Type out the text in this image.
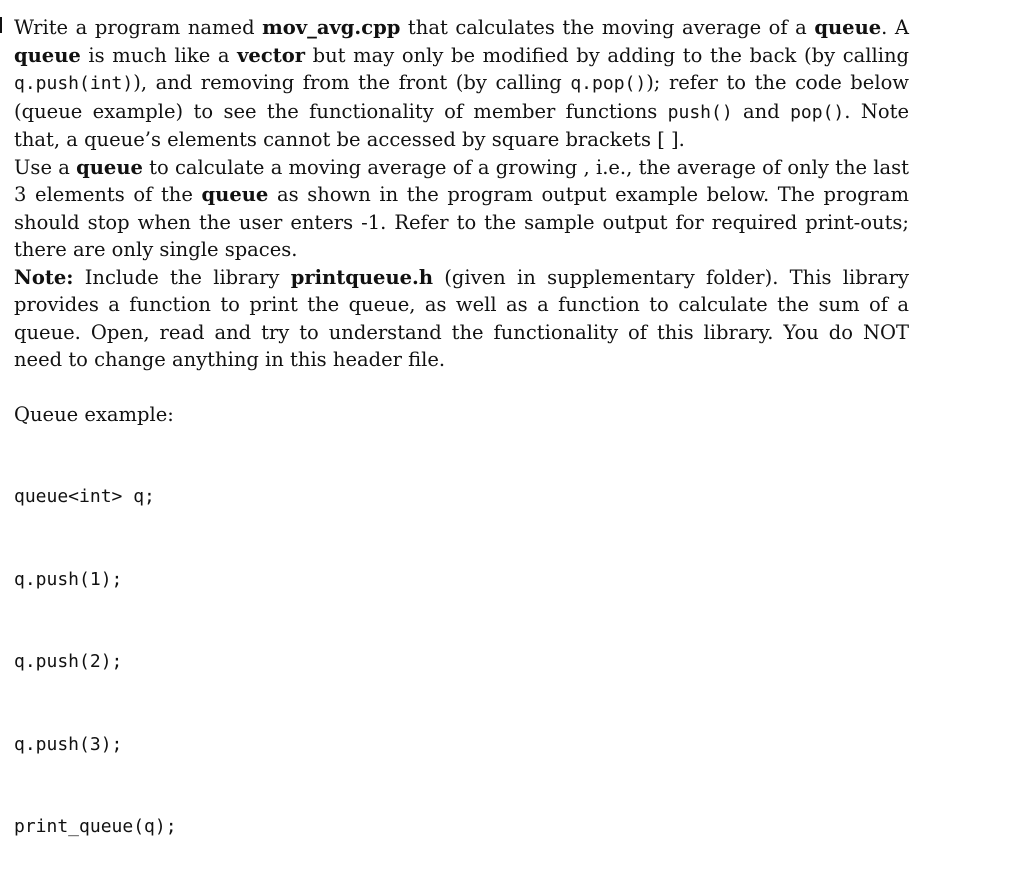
Write a program named mov_avg.cpp that calculates the moving average of a queue. A queue is much like a vector but may only be modified by adding to the back (by calling q.push(int)), and removing from the front (by calling q.pop()); refer to the code below (queue example) to see the functionality of member functions push() and pop(). Note that, a queue’s elements cannot be accessed by square brackets [ ].

Use a queue to calculate a moving average of a growing , i.e., the average of only the last 3 elements of the queue as shown in the program output example below. The program should stop when the user enters -1. Refer to the sample output for required print-outs; there are only single spaces.

Note: Include the library printqueue.h (given in supplementary folder). This library provides a function to print the queue, as well as a function to calculate the sum of a queue. Open, read and try to understand the functionality of this library. You do NOT need to change anything in this header file.

Queue example:

queue<int> q;

q.push(1);

q.push(2);

q.push(3);

print_queue(q);
